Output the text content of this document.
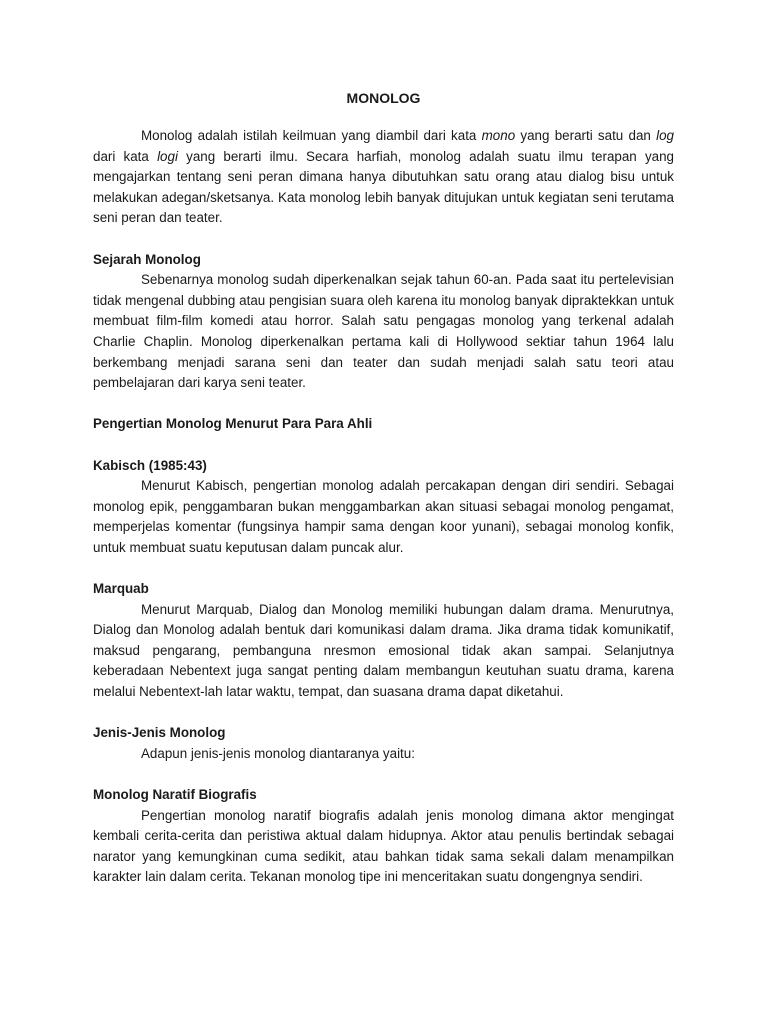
MONOLOG

Monolog adalah istilah keilmuan yang diambil dari kata mono yang berarti satu dan log dari kata logi yang berarti ilmu. Secara harfiah, monolog adalah suatu ilmu terapan yang mengajarkan tentang seni peran dimana hanya dibutuhkan satu orang atau dialog bisu untuk melakukan adegan/sketsanya. Kata monolog lebih banyak ditujukan untuk kegiatan seni terutama seni peran dan teater.

Sejarah Monolog

Sebenarnya monolog sudah diperkenalkan sejak tahun 60-an. Pada saat itu pertelevisian tidak mengenal dubbing atau pengisian suara oleh karena itu monolog banyak dipraktekkan untuk membuat film-film komedi atau horror. Salah satu pengagas monolog yang terkenal adalah Charlie Chaplin. Monolog diperkenalkan pertama kali di Hollywood sektiar tahun 1964 lalu berkembang menjadi sarana seni dan teater dan sudah menjadi salah satu teori atau pembelajaran dari karya seni teater.

Pengertian Monolog Menurut Para Para Ahli

Kabisch (1985:43)

Menurut Kabisch, pengertian monolog adalah percakapan dengan diri sendiri. Sebagai monolog epik, penggambaran bukan menggambarkan akan situasi sebagai monolog pengamat, memperjelas komentar (fungsinya hampir sama dengan koor yunani), sebagai monolog konfik, untuk membuat suatu keputusan dalam puncak alur.

Marquab

Menurut Marquab, Dialog dan Monolog memiliki hubungan dalam drama. Menurutnya, Dialog dan Monolog adalah bentuk dari komunikasi dalam drama. Jika drama tidak komunikatif, maksud pengarang, pembanguna nresmon emosional tidak akan sampai. Selanjutnya keberadaan Nebentext juga sangat penting dalam membangun keutuhan suatu drama, karena melalui Nebentext-lah latar waktu, tempat, dan suasana drama dapat diketahui.

Jenis-Jenis Monolog

Adapun jenis-jenis monolog diantaranya yaitu:

Monolog Naratif Biografis

Pengertian monolog naratif biografis adalah jenis monolog dimana aktor mengingat kembali cerita-cerita dan peristiwa aktual dalam hidupnya. Aktor atau penulis bertindak sebagai narator yang kemungkinan cuma sedikit, atau bahkan tidak sama sekali dalam menampilkan karakter lain dalam cerita. Tekanan monolog tipe ini menceritakan suatu dongengnya sendiri.
